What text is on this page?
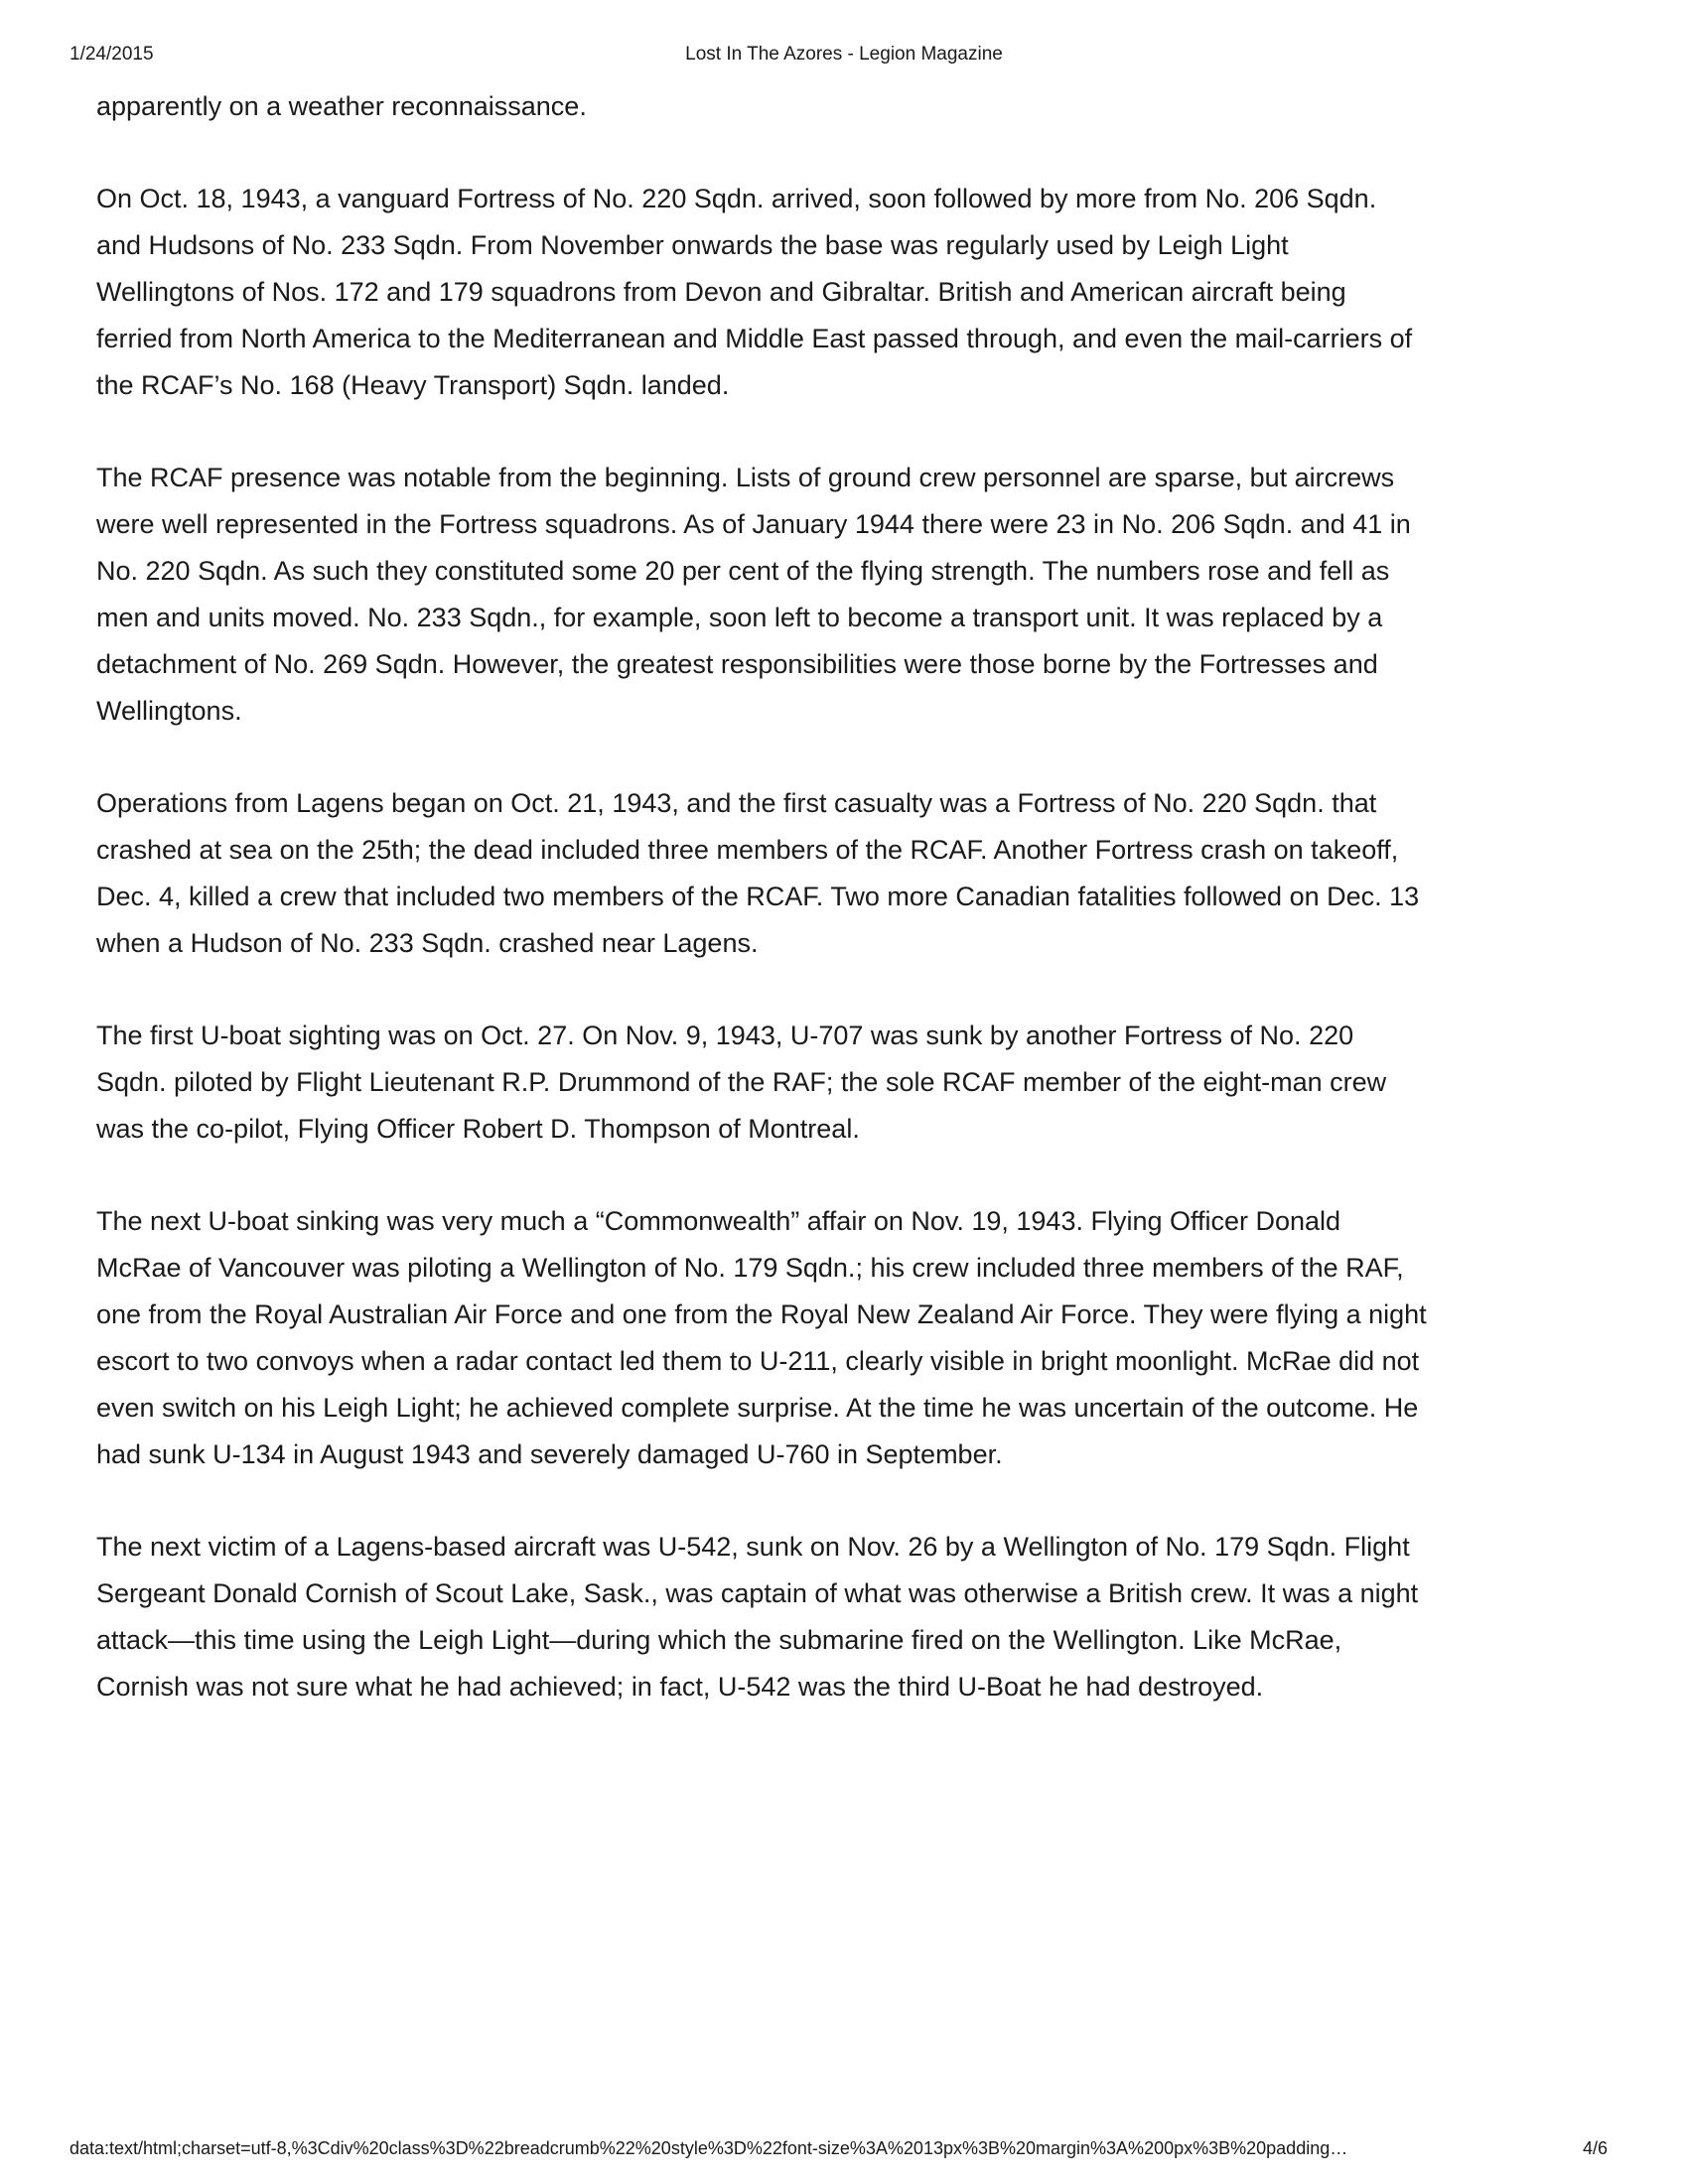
1/24/2015	Lost In The Azores - Legion Magazine

apparently on a weather reconnaissance.

On Oct. 18, 1943, a vanguard Fortress of No. 220 Sqdn. arrived, soon followed by more from No. 206 Sqdn. and Hudsons of No. 233 Sqdn. From November onwards the base was regularly used by Leigh Light Wellingtons of Nos. 172 and 179 squadrons from Devon and Gibraltar. British and American aircraft being ferried from North America to the Mediterranean and Middle East passed through, and even the mail-carriers of the RCAF’s No. 168 (Heavy Transport) Sqdn. landed.

The RCAF presence was notable from the beginning. Lists of ground crew personnel are sparse, but aircrews were well represented in the Fortress squadrons. As of January 1944 there were 23 in No. 206 Sqdn. and 41 in No. 220 Sqdn. As such they constituted some 20 per cent of the flying strength. The numbers rose and fell as men and units moved. No. 233 Sqdn., for example, soon left to become a transport unit. It was replaced by a detachment of No. 269 Sqdn. However, the greatest responsibilities were those borne by the Fortresses and Wellingtons.

Operations from Lagens began on Oct. 21, 1943, and the first casualty was a Fortress of No. 220 Sqdn. that crashed at sea on the 25th; the dead included three members of the RCAF. Another Fortress crash on takeoff, Dec. 4, killed a crew that included two members of the RCAF. Two more Canadian fatalities followed on Dec. 13 when a Hudson of No. 233 Sqdn. crashed near Lagens.

The first U-boat sighting was on Oct. 27. On Nov. 9, 1943, U-707 was sunk by another Fortress of No. 220 Sqdn. piloted by Flight Lieutenant R.P. Drummond of the RAF; the sole RCAF member of the eight-man crew was the co-pilot, Flying Officer Robert D. Thompson of Montreal.

The next U-boat sinking was very much a “Commonwealth” affair on Nov. 19, 1943. Flying Officer Donald McRae of Vancouver was piloting a Wellington of No. 179 Sqdn.; his crew included three members of the RAF, one from the Royal Australian Air Force and one from the Royal New Zealand Air Force. They were flying a night escort to two convoys when a radar contact led them to U-211, clearly visible in bright moonlight. McRae did not even switch on his Leigh Light; he achieved complete surprise. At the time he was uncertain of the outcome. He had sunk U-134 in August 1943 and severely damaged U-760 in September.

The next victim of a Lagens-based aircraft was U-542, sunk on Nov. 26 by a Wellington of No. 179 Sqdn. Flight Sergeant Donald Cornish of Scout Lake, Sask., was captain of what was otherwise a British crew. It was a night attack—this time using the Leigh Light—during which the submarine fired on the Wellington. Like McRae, Cornish was not sure what he had achieved; in fact, U-542 was the third U-Boat he had destroyed.

data:text/html;charset=utf-8,%3Cdiv%20class%3D%22breadcrumb%22%20style%3D%22font-size%3A%2013px%3B%20margin%3A%200px%3B%20padding…	4/6
